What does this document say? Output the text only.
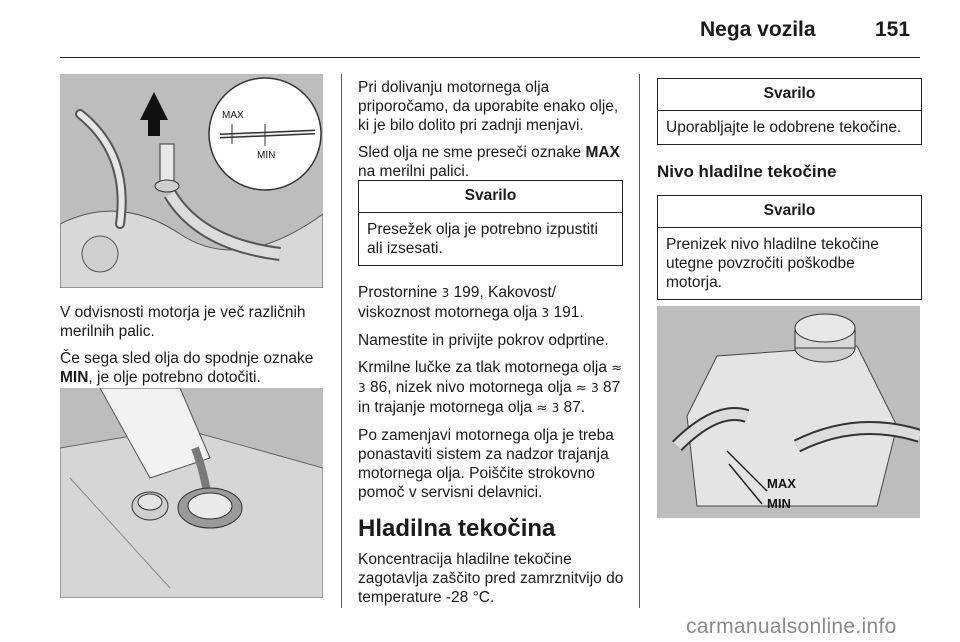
Nega vozila	151
MAX
MIN

V odvisnosti motorja je več različnih merilnih palic.

Če sega sled olja do spodnje oznake MIN, je olje potrebno dotočiti.

Pri dolivanju motornega olja priporočamo, da uporabite enako olje, ki je bilo dolito pri zadnji menjavi.

Sled olja ne sme preseči oznake MAX na merilni palici.

Svarilo
Presežek olja je potrebno izpustiti ali izsesati.

Prostornine 3 199, Kakovost/ viskoznost motornega olja 3 191.

Namestite in privijte pokrov odprtine.

Krmilne lučke za tlak motornega olja ≈ 3 86, nizek nivo motornega olja ≈ 3 87 in trajanje motornega olja ≈ 3 87.

Po zamenjavi motornega olja je treba ponastaviti sistem za nadzor trajanja motornega olja. Poiščite strokovno pomoč v servisni delavnici.

Hladilna tekočina

Koncentracija hladilne tekočine zagotavlja zaščito pred zamrznitvijo do temperature -28 °C.

Svarilo
Uporabljajte le odobrene tekočine.
Nivo hladilne tekočine
Svarilo
Prenizek nivo hladilne tekočine utegne povzročiti poškodbe motorja.
MAX
MIN
carmanualsonline.info
